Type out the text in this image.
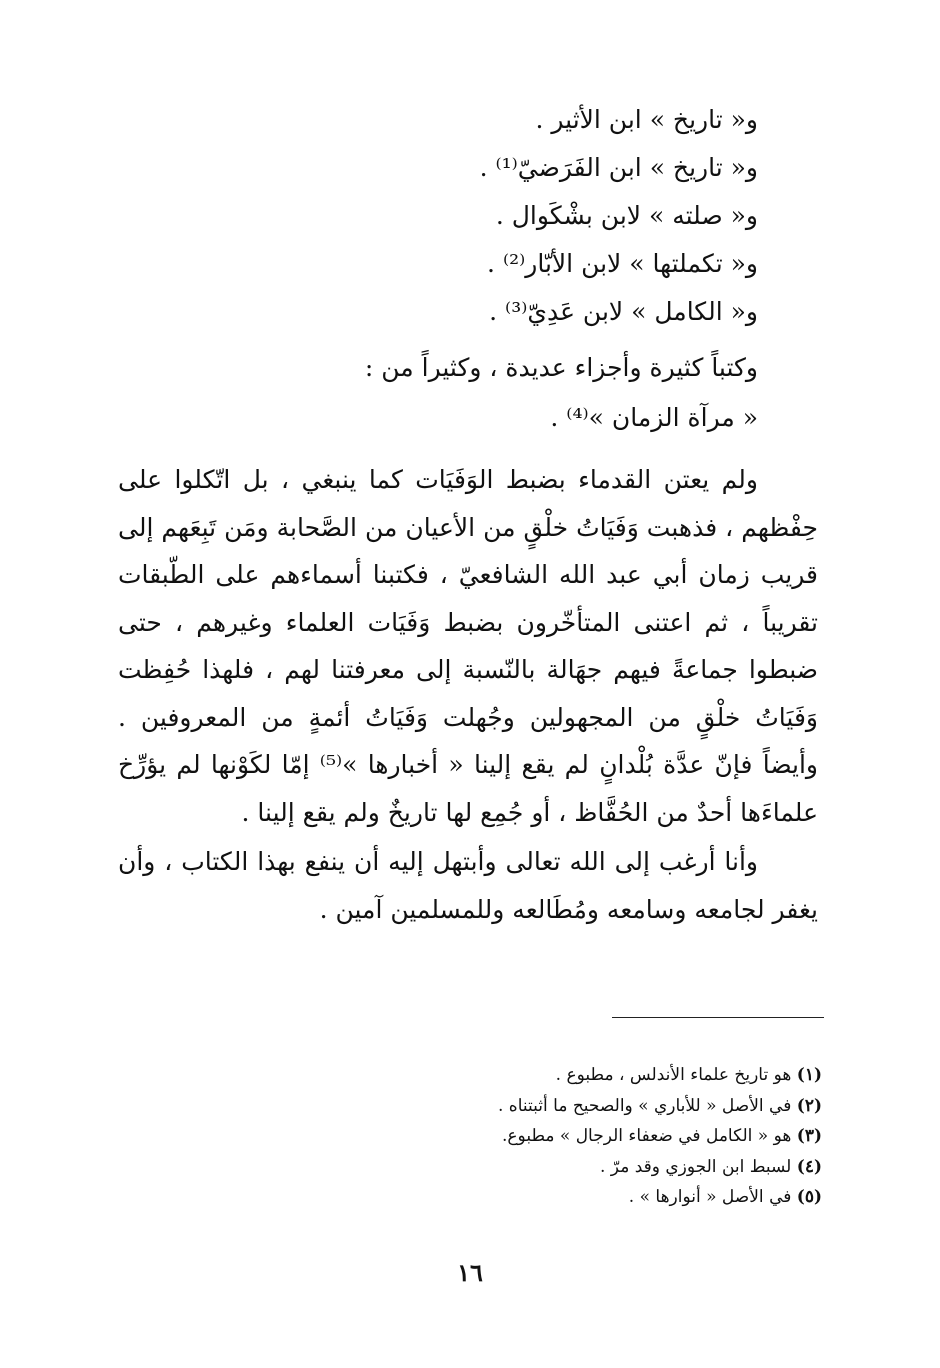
و« تاريخ » ابن الأثير .
و« تاريخ » ابن الفَرَضيّ⁽¹⁾ .
و« صلته » لابن بشْكَوال .
و« تكملتها » لابن الأبّار⁽²⁾ .
و« الكامل » لابن عَدِيّ⁽³⁾ .
وكتباً كثيرة وأجزاء عديدة ، وكثيراً من :
« مرآة الزمان »⁽⁴⁾ .
ولم يعتن القدماء بضبط الوَفَيَات كما ينبغي ، بل اتّكلوا على حِفْظهم ، فذهبت وَفَيَاتُ خلْقٍ من الأعيان من الصَّحابة ومَن تَبِعَهم إلى قريب زمان أبي عبد الله الشافعيّ ، فكتبنا أسماءهم على الطّبقات تقريباً ، ثم اعتنى المتأخّرون بضبط وَفَيَات العلماء وغيرهم ، حتى ضبطوا جماعةً فيهم جهَالة بالنّسبة إلى معرفتنا لهم ، فلهذا حُفِظت وَفَيَاتُ خلْقٍ من المجهولين وجُهلت وَفَيَاتُ أئمةٍ من المعروفين . وأيضاً فإنّ عدَّة بُلْدانٍ لم يقع إلينا « أخبارها »⁽⁵⁾ إمّا لكَوْنها لم يؤرِّخ علماءَها أحدٌ من الحُفَّاظ ، أو جُمِع لها تاريخٌ ولم يقع إلينا .
وأنا أرغب إلى الله تعالى وأبتهل إليه أن ينفع بهذا الكتاب ، وأن يغفر لجامعه وسامعه ومُطَالعه وللمسلمين آمين .
(١) هو تاريخ علماء الأندلس ، مطبوع .
(٢) في الأصل « للأباري » والصحيح ما أثبتناه .
(٣) هو « الكامل في ضعفاء الرجال » مطبوع.
(٤) لسبط ابن الجوزي وقد مرّ .
(٥) في الأصل « أنوارها » .
١٦
